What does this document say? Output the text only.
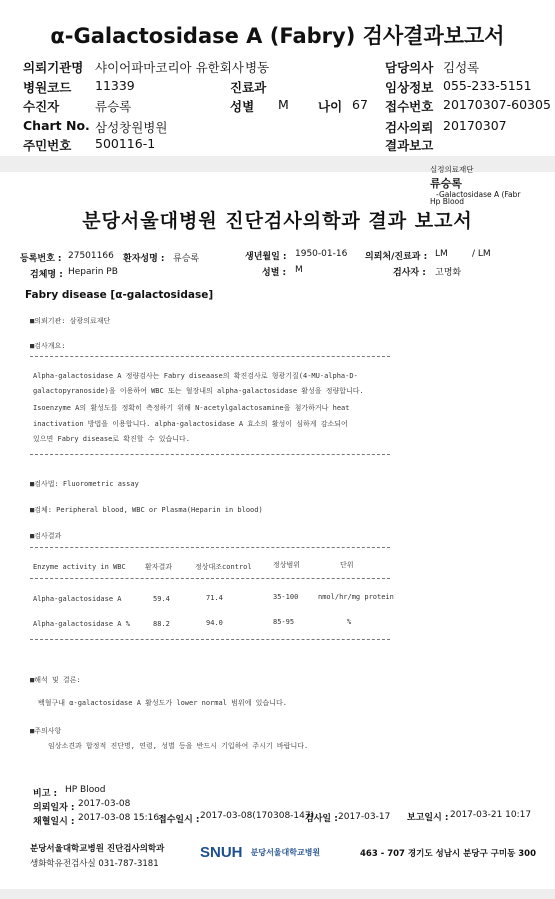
α-Galactosidase A (Fabry) 검사결과보고서
의뢰기관명 샤이어파마코리아 유한회사 병동
병원코드 11339	진료과
수진자	류승록	성별 M 나이 67
Chart No. 삼성창원병원
주민번호 500116-1
담당의사 김성록
임상정보 055-233-5151
접수번호 20170307-60305
검사의뢰 20170307
결과보고
실정의료재단
류승록
-Galactosidase A (Fabr
Hp Blood
분당서울대병원 진단검사의학과 결과 보고서
등록번호 : 27501166 환자성명 : 류승록	생년월일 : 1950-01-16 의뢰처/진료과 : LM	/ LM
검체명 : Heparin PB	성별 : M	검사자 : 고명화
Fabry disease [α-galactosidase]
■의뢰기관: 삼광의료재단
■검사개요:
Alpha-galactosidase A 정량검사는 Fabry diseaase의 확진검사로 형광기질(4-MU-alpha-D-
galactopyranoside)을 이용하여 WBC 또는 혈장내의 alpha-galactosidase 활성을 정량합니다.
Isoenzyme A의 활성도를 정확히 측정하기 위해 N-acetylgalactosamine을 첨가하거나 heat
inactivation 방법을 이용합니다. alpha-galactosidase A 효소의 활성이 심하게 감소되어
있으면 Fabry disease로 확진할 수 있습니다.
■검사법: Fluorometric assay
■검체: Peripheral blood, WBC or Plasma(Heparin in blood)
■검사결과
Enzyme activity in WBC	환자결과	정상대조control	정상범위	단위
Alpha-galactosidase A	59.4	71.4	35-100	nmol/hr/mg protein
Alpha-galactosidase A %	88.2	94.0	85-95	%
■해석 및 결론:
백혈구내 α-galactosidase A 활성도가 lower normal 범위에 있습니다.
■주의사항
임상소견과 합정적 진단명, 연령, 성별 등을 반드시 기입하여 주시기 바랍니다.
비고 : HP Blood
의뢰일자 : 2017-03-08
채혈일시 : 2017-03-08 15:16
접수일시 : 2017-03-08(170308-147)
검사일 : 2017-03-17 보고일시 : 2017-03-21 10:17
분당서울대학교병원 진단검사의학과
생화학유전검사실 031-787-3181
SNUH 분당서울대학교병원	463 - 707 경기도 성남시 분당구 구미동 300
